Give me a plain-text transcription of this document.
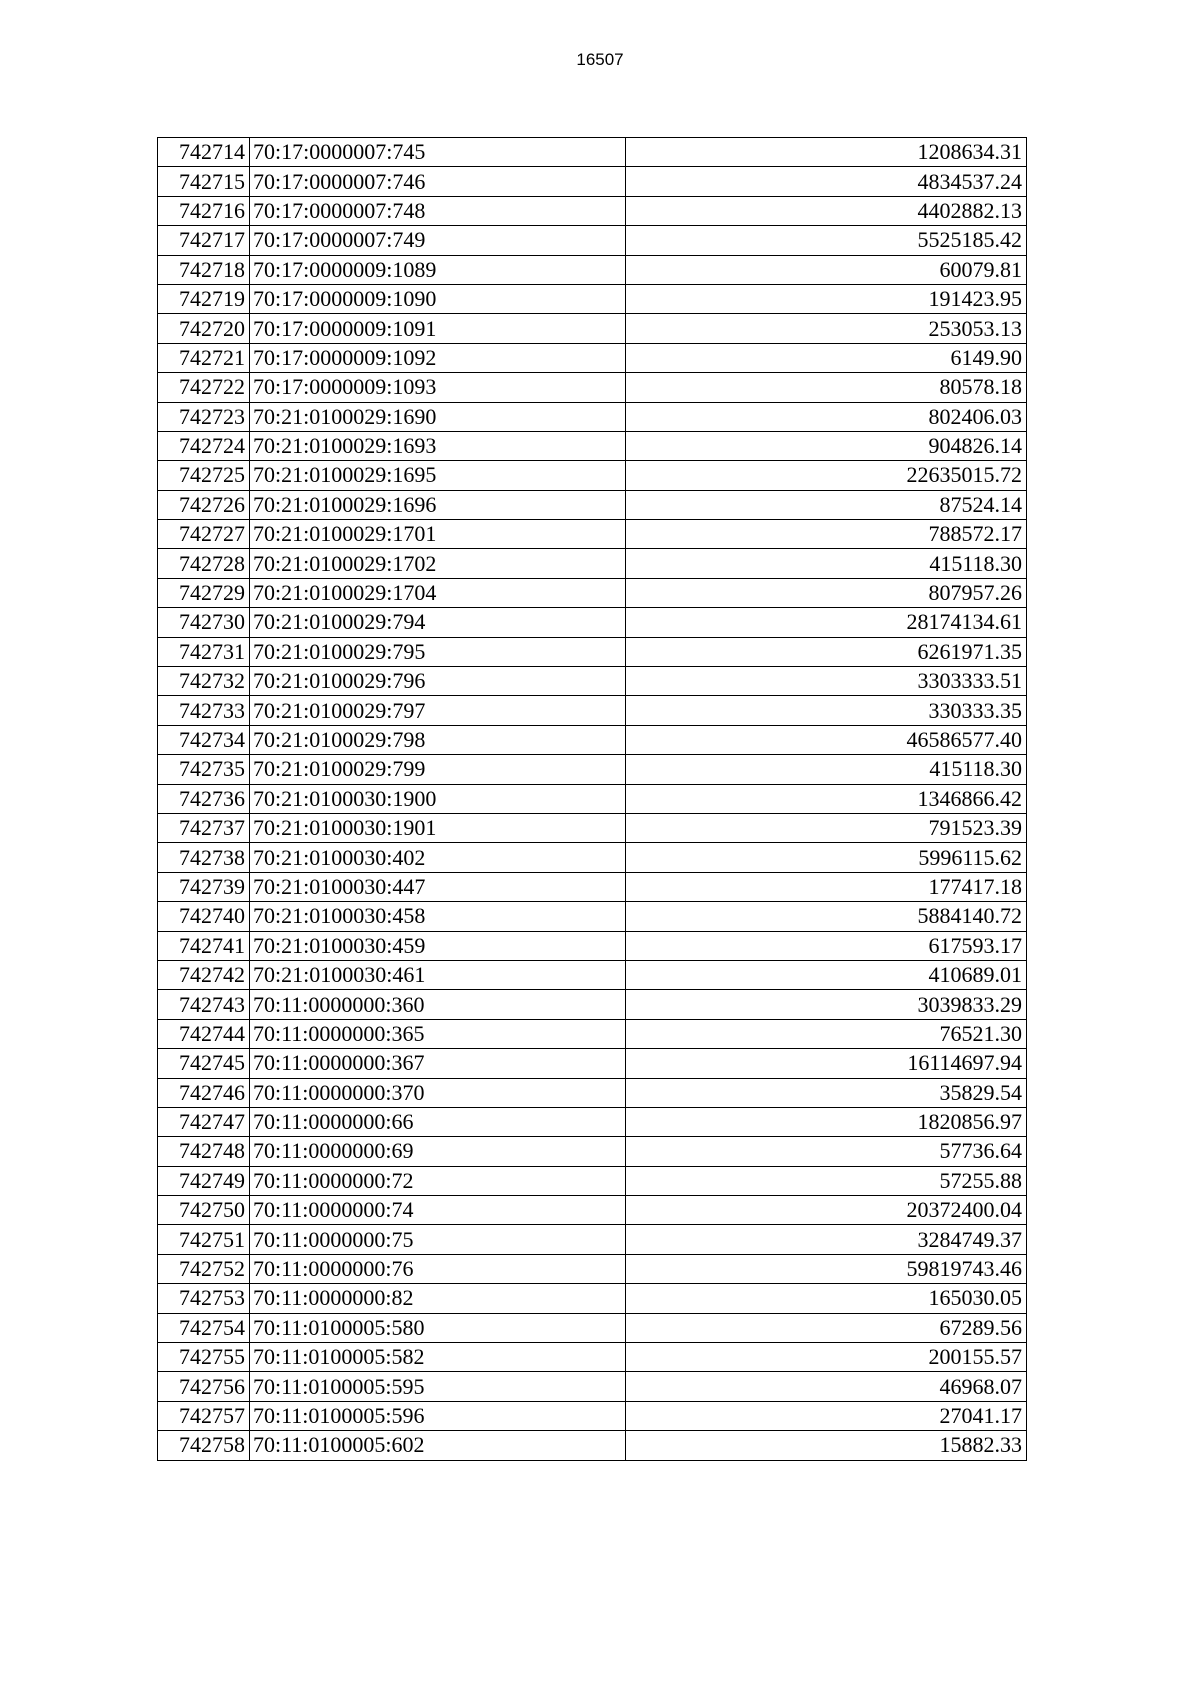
16507
742714	70:17:0000007:745	1208634.31
742715	70:17:0000007:746	4834537.24
742716	70:17:0000007:748	4402882.13
742717	70:17:0000007:749	5525185.42
742718	70:17:0000009:1089	60079.81
742719	70:17:0000009:1090	191423.95
742720	70:17:0000009:1091	253053.13
742721	70:17:0000009:1092	6149.90
742722	70:17:0000009:1093	80578.18
742723	70:21:0100029:1690	802406.03
742724	70:21:0100029:1693	904826.14
742725	70:21:0100029:1695	22635015.72
742726	70:21:0100029:1696	87524.14
742727	70:21:0100029:1701	788572.17
742728	70:21:0100029:1702	415118.30
742729	70:21:0100029:1704	807957.26
742730	70:21:0100029:794	28174134.61
742731	70:21:0100029:795	6261971.35
742732	70:21:0100029:796	3303333.51
742733	70:21:0100029:797	330333.35
742734	70:21:0100029:798	46586577.40
742735	70:21:0100029:799	415118.30
742736	70:21:0100030:1900	1346866.42
742737	70:21:0100030:1901	791523.39
742738	70:21:0100030:402	5996115.62
742739	70:21:0100030:447	177417.18
742740	70:21:0100030:458	5884140.72
742741	70:21:0100030:459	617593.17
742742	70:21:0100030:461	410689.01
742743	70:11:0000000:360	3039833.29
742744	70:11:0000000:365	76521.30
742745	70:11:0000000:367	16114697.94
742746	70:11:0000000:370	35829.54
742747	70:11:0000000:66	1820856.97
742748	70:11:0000000:69	57736.64
742749	70:11:0000000:72	57255.88
742750	70:11:0000000:74	20372400.04
742751	70:11:0000000:75	3284749.37
742752	70:11:0000000:76	59819743.46
742753	70:11:0000000:82	165030.05
742754	70:11:0100005:580	67289.56
742755	70:11:0100005:582	200155.57
742756	70:11:0100005:595	46968.07
742757	70:11:0100005:596	27041.17
742758	70:11:0100005:602	15882.33
